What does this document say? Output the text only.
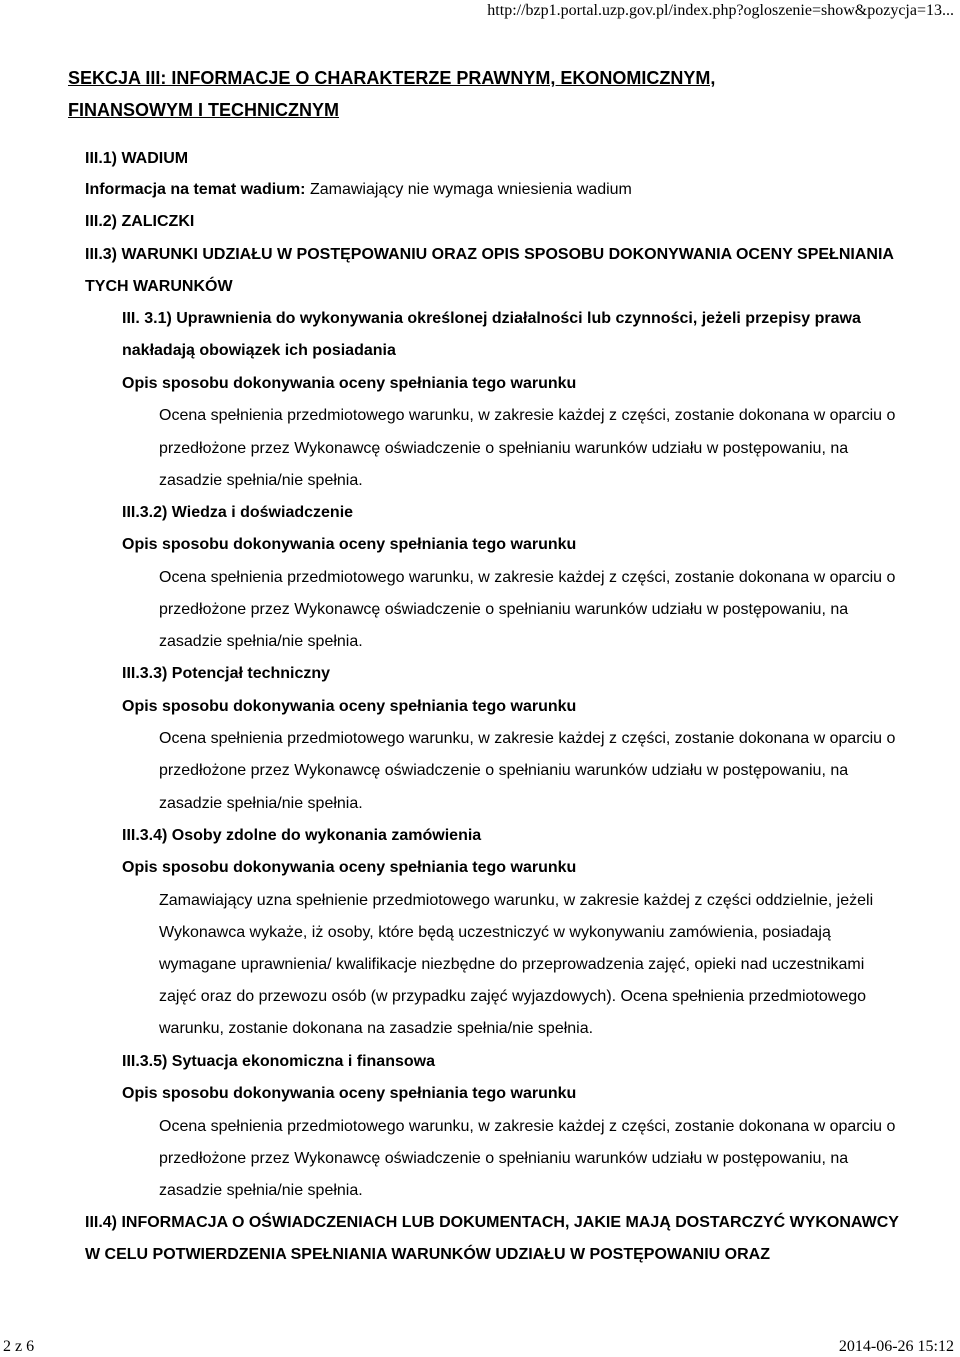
http://bzp1.portal.uzp.gov.pl/index.php?ogloszenie=show&pozycja=13...
SEKCJA III: INFORMACJE O CHARAKTERZE PRAWNYM, EKONOMICZNYM,
FINANSOWYM I TECHNICZNYM
III.1) WADIUM
Informacja na temat wadium: Zamawiający nie wymaga wniesienia wadium
III.2) ZALICZKI
III.3) WARUNKI UDZIAŁU W POSTĘPOWANIU ORAZ OPIS SPOSOBU DOKONYWANIA OCENY SPEŁNIANIA
TYCH WARUNKÓW
III. 3.1) Uprawnienia do wykonywania określonej działalności lub czynności, jeżeli przepisy prawa
nakładają obowiązek ich posiadania
Opis sposobu dokonywania oceny spełniania tego warunku
Ocena spełnienia przedmiotowego warunku, w zakresie każdej z części, zostanie dokonana w oparciu o
przedłożone przez Wykonawcę oświadczenie o spełnianiu warunków udziału w postępowaniu, na
zasadzie spełnia/nie spełnia.
III.3.2) Wiedza i doświadczenie
Opis sposobu dokonywania oceny spełniania tego warunku
Ocena spełnienia przedmiotowego warunku, w zakresie każdej z części, zostanie dokonana w oparciu o
przedłożone przez Wykonawcę oświadczenie o spełnianiu warunków udziału w postępowaniu, na
zasadzie spełnia/nie spełnia.
III.3.3) Potencjał techniczny
Opis sposobu dokonywania oceny spełniania tego warunku
Ocena spełnienia przedmiotowego warunku, w zakresie każdej z części, zostanie dokonana w oparciu o
przedłożone przez Wykonawcę oświadczenie o spełnianiu warunków udziału w postępowaniu, na
zasadzie spełnia/nie spełnia.
III.3.4) Osoby zdolne do wykonania zamówienia
Opis sposobu dokonywania oceny spełniania tego warunku
Zamawiający uzna spełnienie przedmiotowego warunku, w zakresie każdej z części oddzielnie, jeżeli
Wykonawca wykaże, iż osoby, które będą uczestniczyć w wykonywaniu zamówienia, posiadają
wymagane uprawnienia/ kwalifikacje niezbędne do przeprowadzenia zajęć, opieki nad uczestnikami
zajęć oraz do przewozu osób (w przypadku zajęć wyjazdowych). Ocena spełnienia przedmiotowego
warunku, zostanie dokonana na zasadzie spełnia/nie spełnia.
III.3.5) Sytuacja ekonomiczna i finansowa
Opis sposobu dokonywania oceny spełniania tego warunku
Ocena spełnienia przedmiotowego warunku, w zakresie każdej z części, zostanie dokonana w oparciu o
przedłożone przez Wykonawcę oświadczenie o spełnianiu warunków udziału w postępowaniu, na
zasadzie spełnia/nie spełnia.
III.4) INFORMACJA O OŚWIADCZENIACH LUB DOKUMENTACH, JAKIE MAJĄ DOSTARCZYĆ WYKONAWCY
W CELU POTWIERDZENIA SPEŁNIANIA WARUNKÓW UDZIAŁU W POSTĘPOWANIU ORAZ
2 z 6	2014-06-26 15:12
